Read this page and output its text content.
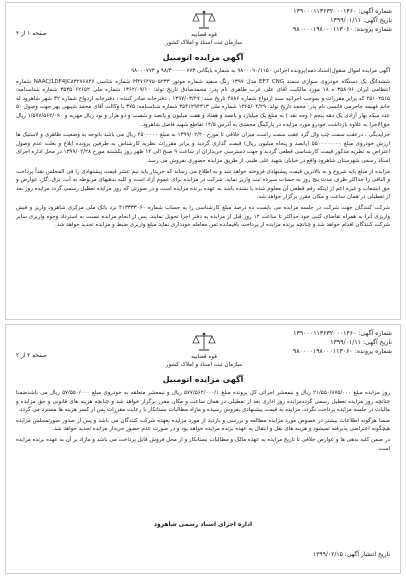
شماره آگهی: ۱۳۹۰۰۰۱۱۳۶۳۲۰۰۰۱۴۶۰
تاریخ آگهی: ۱۳۹۹/۰۱/۱۱
شماره پرونده: ۹۸۰۰۰۰۱۹۸۰۰۰۱۱۳۰۶۰
قوه قضاییه
سازمان ثبت اسناد و املاک کشور
صفحه ۱ از ۲
آگهی مزایده اتومبیل

آگهی مزایده اموال منقول(اسناد ذمه)پرونده اجرائی ۹۸۰۰۰۹۰/۱۱۵۰ به شماره بایگانی ۹۸/۳۰۰۰۰۰۷۷۳ و ۹۸۰۰۰۷۷۳

ششدانگ یک دستگاه خودروی سواری سمند EF7 CNG مدل ۱۳۹۷ رنگ سفید شماره موتور H۴۷۶۴۷۵۰۵۲۳۳ شماره شاسی NAACJ1DF4JC۸۳۲۷۶۸۴۷ شماره انتظامی ایران ۹۶-۳۵۸ ه ۱۸ مورد مالکیت آقای علی عرب طاهری نام پدر: محمدصادق تاریخ تولد: ۱۳۶۲/۰۹/۱۰ شماره ملی ۳۵۳۵۰۶۲۶۵۲ شماره شناسنامه: ۲۵۱۰۲۵۱۵ که برابر مقررات و بموجب اجرائیه سند ازدواج شماره ۴۸۸۶ تاریخ سند: ۱۳۹۷/۰۳/۲۷ ، دفترخانه صادر کننده : دفترخانه ازدواج شماره ۳۲ شهر شاهرود له خانم فهیمه جاجرمی فانسی نام پدر: محمد تاریخ تولد: ۱۳۶۵/۰۴/۲۹ شماره ملی ۳۵۴۱۲۹۴۳۱۳ شماره شناسنامه: ۳۷۵ با وکالت آقای محمد شیبهی بهر جهت وصول ۵۰ عدد سکه بهار آزادی یک دهه پنجم ( وجه نقد ) به مبلغ یک میلیارد و پانصد و هفتاد و هفت میلیون و پانصد و شصت و دو هزار و نود ریال مهریه و ۱/۵۷۷/۵۶۲/۰۹۰ ریال حق‌الاجرا به علاوه بازداشت خودرو مورد مزایده در پارکینگ محمدی به آدرس ۱۴/۵ تقاطع شهید فاضل شاهرود.

خرایدیگی ، درعقب سمت چپ وال گرد عقب سمت راست میزان خلافی تا مورخ ۱۳۹۹/۰۲/۲۰ به مبلغ ۲۵۰۰۰۰۰ ریال می باشد باتوجه به وضعیت ظاهری و لاستیک ها ارزش خودروی مبلغ ۵۵۰۰۰۰۰۰۰۰ (پانصد و پنجاه میلیون ریال) قیمت گذاری گردید و برابر مقررات نظریه کارشناس به طرفین پرونده ابلاغ و بعلت عدم وصول اعتراض به نظریه مذکور قیمت کارشناسی قطعی گردید و جهت دسترسی خریداران از ساعت ۹ صبح الی ۱۲ ظهر روز یکشنبه مورخ ۱۳۹۹/۰۲/۲۸ در محل اداره اجرای اسناد رسمی شهرستان شاهرود واقع در خیابان شهید علی طیبی از طریق مزایده حضوری بفروش می رسد.

مزایده از مبلغ پایه شروع و به بالاترین قیمت پیشنهادی فروخته خواهد شد و به اطلاع می رساند که خریدار باید نیم عشر قیمت پیشنهادی را فی المجلس نقداً پرداخت و الباقی را حداکثر ظرف مدت پنج روز به حساب سپرده ثبت واریز نماید. شرکت در مزایده برای عموم آزاد است و کلیه بدهیهای مربوطه به آب، برق، گاز، عوارض و حق انشعاب و غیره اعم از اینکه رقم قطعی آن معلوم شده یا نشده باشد به عهده برنده مزایده است و در صورتی که روز مزایده تعطیل رسمی گردد مزایده روز بعد از تعطیلی در همان ساعت و مکان مقرر برگزار خواهد شد.

شرکت کنندگان جهت شرکت در جلسه مزایده می بایست ده درصد مبلغ کارشناسی را به حساب شماره ۴۱۳۳۳۳۰۶۰ نزد بانک ملی مرکزی شاهرود واریز و فیش واریزی آنرا به همراه تقاضای کتبی خود حداکثر تا ساعت ۱۲ روز قبل از مزایده به دفتر اجرا تحویل نمایند. پس از انجام مزایده نسبت به استرداد وجوه واریزی سایر شرکت کنندگان اقدام خواهد شد و چنانچه برنده مزایده از پرداخت باقیمانده ثمن معامله خودداری نماید مبلغ واریزی ضبط و مزایده تجدید خواهد شد.

شماره آگهی: ۱۳۹۰۰۰۱۱۳۶۳۲۰۰۰۱۴۶۰
تاریخ آگهی: ۱۳۹۹/۰۱/۱۱
شماره پرونده: ۹۸۰۰۰۰۱۹۸۰۰۰۱۱۳۰۶۰
قوه قضاییه
سازمان ثبت اسناد و املاک کشور
صفحه ۲ از ۲
آگهی مزایده اتومبیل

روز مزایده مبلغ ۲۱/۵۵۰/۸۷۵/۰۰۰ ریال و نیمعشر اجرائی کل پرونده مبلغ ۵۷۷/۵۶۲/۰۰۰/۱ ریال و نیمعشر متعلقه به خودروی مبلغ ۵۷/۵۵۰/۰۰۰ ریال می باشدضمنا چنانچه روز مزایده تعطیل رسمی گرددمزایده روز اداری بعد از تعطیلی در همان ساعت و مکان مقرر برگزار خواهد شد و چنانچه هزینه های قانونی و حق مزایده و مالیات در جلسه مزایده پرداخت نگردد، مزایده به قیمت پیشنهادی بفروش رسیده و مازاد مطالبات بستانکار با رعایت مقررات پس از کسر هزینه ها مسترد می گردد.

ضمنا هرگونه اطلاعات بیشتر در خصوص مورد مزایده مطالعه و بررسی و بازدید از مورد مزایده بعهده شرکت کنندگان می باشد و پس از صدور صورتمجلس مزایده هیچگونه اعتراضی پذیرفته نمیشود و هزینه های نقل و انتقال به عهده برنده مزایده خواهد بود و در صورت عدم حضور خریدار مزایده تجدید خواهد شد.

در ضمن کلیه بدهی ها و عوارض خلافی تا تاریخ مزایده به عهده مالک و مطالبات بستانکار و از محل فروش قابل پرداخت می باشد و مازاد بر آن به عهده برنده مزایده است.

اداره اجرای اسناد رسمی شاهرود
تاریخ انتشار آگهی: ۱۳۹۹/۰۲/۱۵
